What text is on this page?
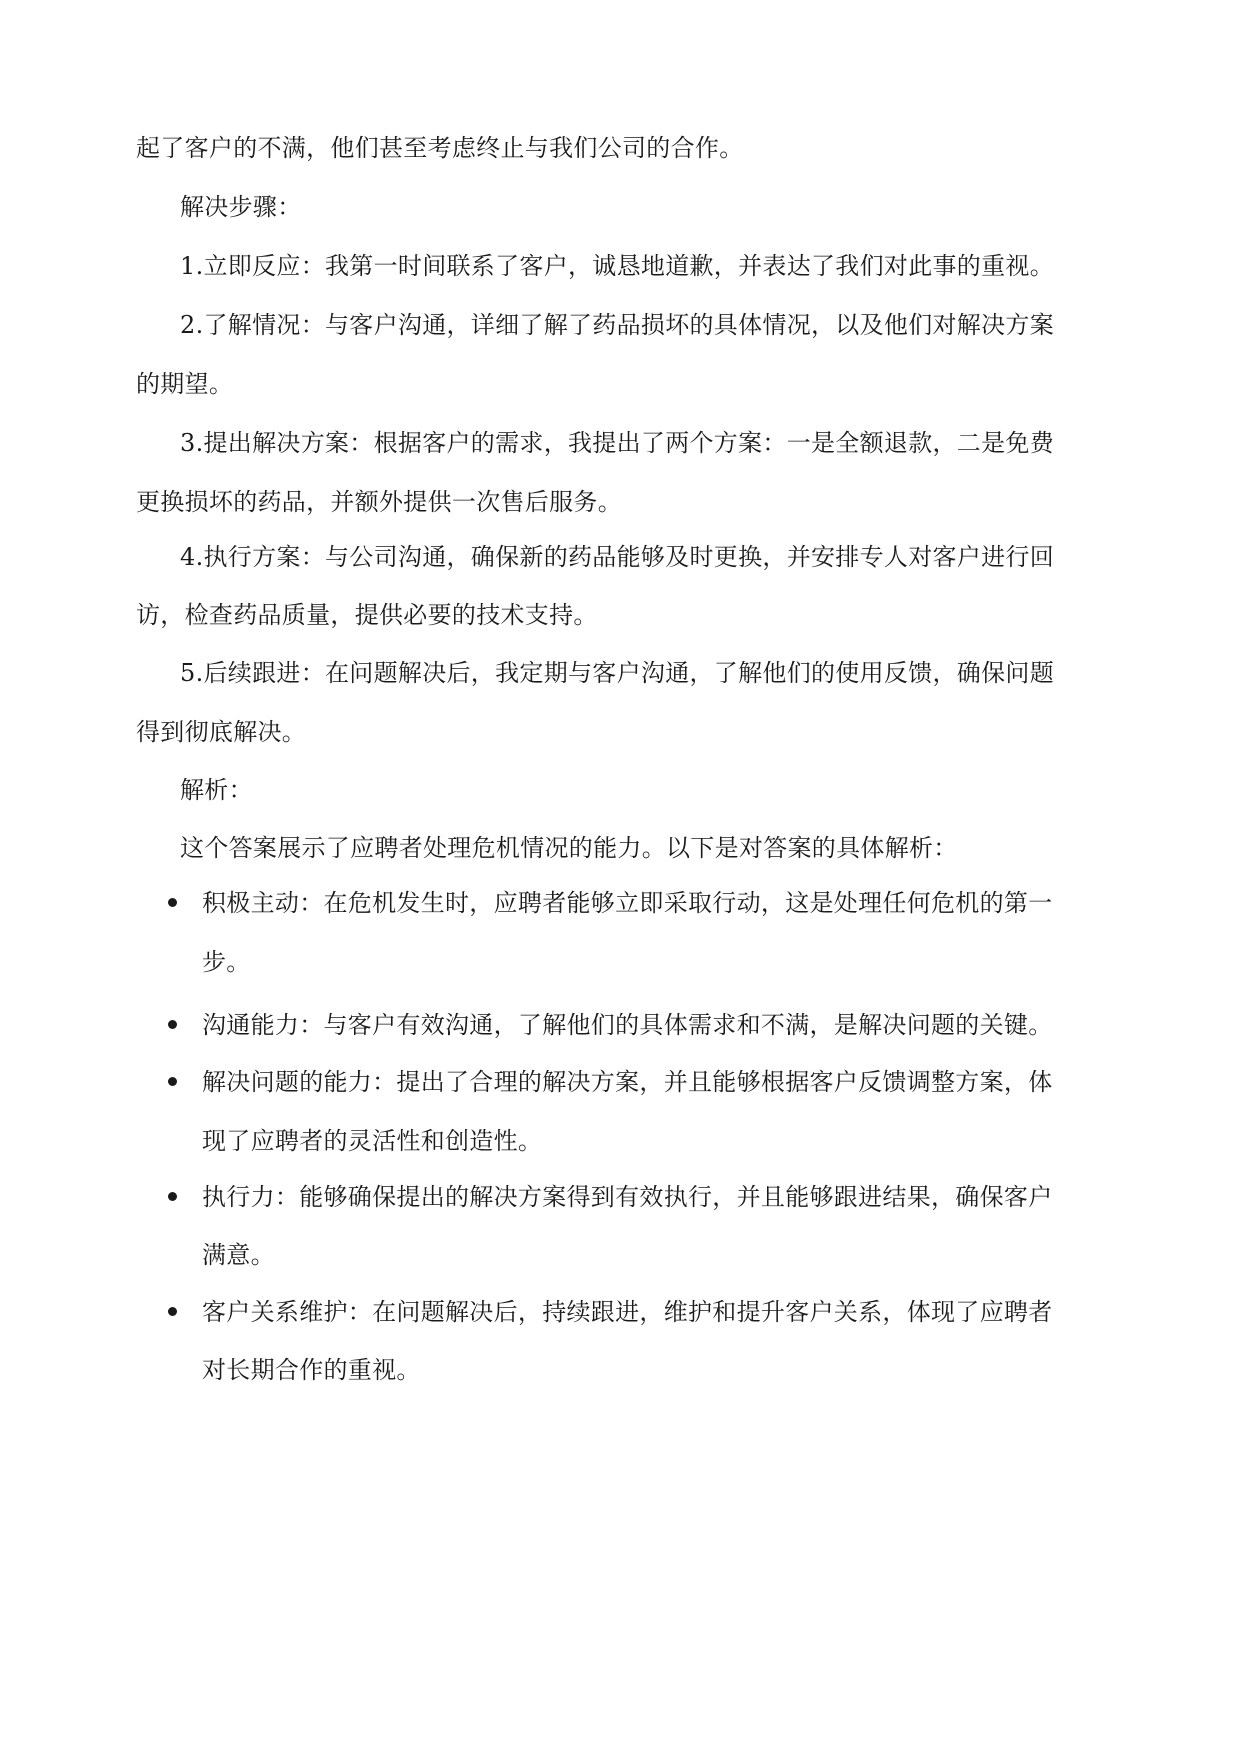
起了客户的不满，他们甚至考虑终止与我们公司的合作。
解决步骤：
1.立即反应：我第一时间联系了客户，诚恳地道歉，并表达了我们对此事的重视。
2.了解情况：与客户沟通，详细了解了药品损坏的具体情况，以及他们对解决方案
的期望。
3.提出解决方案：根据客户的需求，我提出了两个方案：一是全额退款，二是免费
更换损坏的药品，并额外提供一次售后服务。
4.执行方案：与公司沟通，确保新的药品能够及时更换，并安排专人对客户进行回
访，检查药品质量，提供必要的技术支持。
5.后续跟进：在问题解决后，我定期与客户沟通，了解他们的使用反馈，确保问题
得到彻底解决。
解析：
这个答案展示了应聘者处理危机情况的能力。以下是对答案的具体解析：
积极主动：在危机发生时，应聘者能够立即采取行动，这是处理任何危机的第一
步。
沟通能力：与客户有效沟通，了解他们的具体需求和不满，是解决问题的关键。
解决问题的能力：提出了合理的解决方案，并且能够根据客户反馈调整方案，体
现了应聘者的灵活性和创造性。
执行力：能够确保提出的解决方案得到有效执行，并且能够跟进结果，确保客户
满意。
客户关系维护：在问题解决后，持续跟进，维护和提升客户关系，体现了应聘者
对长期合作的重视。
